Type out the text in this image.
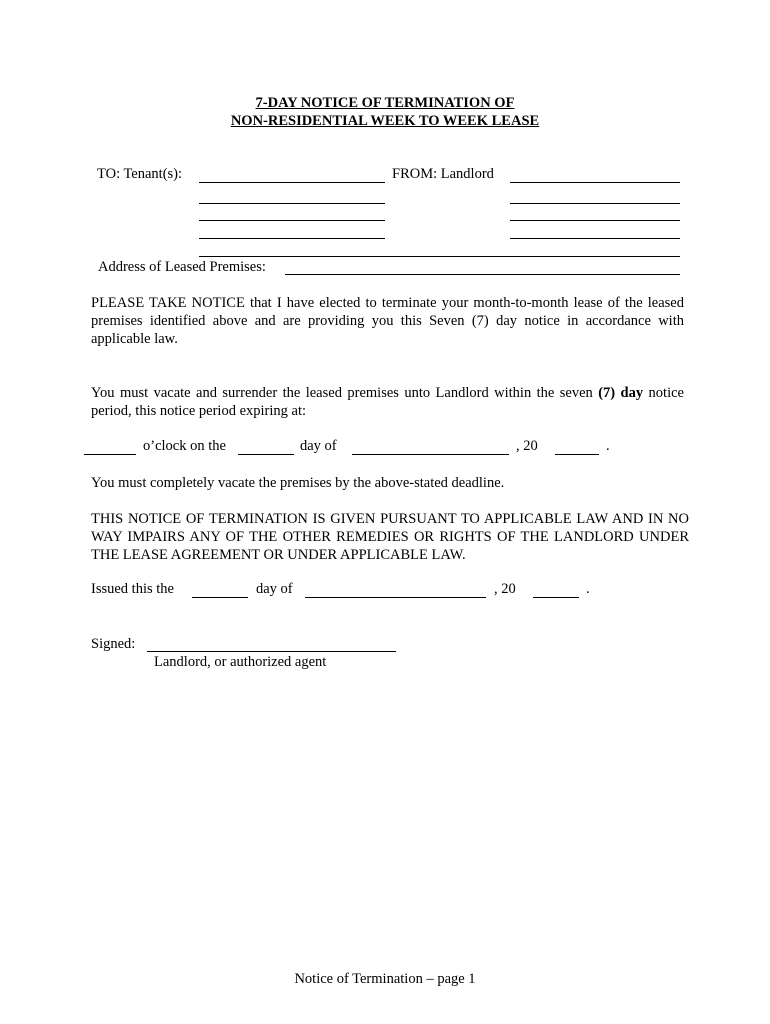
7-DAY NOTICE OF TERMINATION OF
NON-RESIDENTIAL WEEK TO WEEK LEASE
TO: Tenant(s):	FROM: Landlord
Address of Leased Premises:
PLEASE TAKE NOTICE that I have elected to terminate your month-to-month lease of the leased premises identified above and are providing you this Seven (7) day notice in accordance with applicable law.
You must vacate and surrender the leased premises unto Landlord within the seven (7) day notice period, this notice period expiring at:
o’clock on the	day of	, 20	.
You must completely vacate the premises by the above-stated deadline.
THIS NOTICE OF TERMINATION IS GIVEN PURSUANT TO APPLICABLE LAW AND IN NO WAY IMPAIRS ANY OF THE OTHER REMEDIES OR RIGHTS OF THE LANDLORD UNDER THE LEASE AGREEMENT OR UNDER APPLICABLE LAW.
Issued this the	day of	, 20	.
Signed:
Landlord, or authorized agent
Notice of Termination – page 1
